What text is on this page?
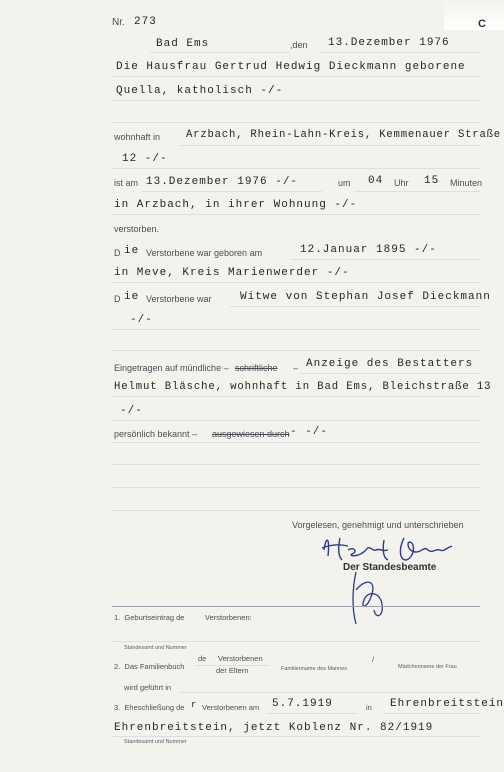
Nr. 273	C
Bad Ems	,den 13.Dezember 1976
Die Hausfrau Gertrud Hedwig Dieckmann geborene
Quella, katholisch -/-
wohnhaft in Arzbach, Rhein-Lahn-Kreis, Kemmenauer Straße
12 -/-
ist am 13.Dezember 1976 -/-	um 04 Uhr 15 Minuten
in Arzbach, in ihrer Wohnung -/-
verstorben.
D ie Verstorbene war geboren am	12.Januar 1895 -/-
in Meve, Kreis Marienwerder -/-
D ie Verstorbene war	Witwe von Stephan Josef Dieckmann
-/-
Eingetragen auf mündliche – schriftliche – Anzeige des Bestatters
Helmut Bläsche, wohnhaft in Bad Ems, Bleichstraße 13
-/-
persönlich bekannt – ausgewiesen durch - -/-
Vorgelesen, genehmigt und unterschrieben
Der Standesbeamte
1.  Geburtseintrag de	Verstorbenen:
Standesamt und Nummer
2.  Das Familienbuch
de Verstorbenen
der Eltern	Familienname des Mannes
/
Mädchenname der Frau
wird geführt in
3.  Eheschließung de r Verstorbenen am 5.7.1919	in Ehrenbreitstein
Ehrenbreitstein, jetzt Koblenz Nr. 82/1919
Standesamt und Nummer
